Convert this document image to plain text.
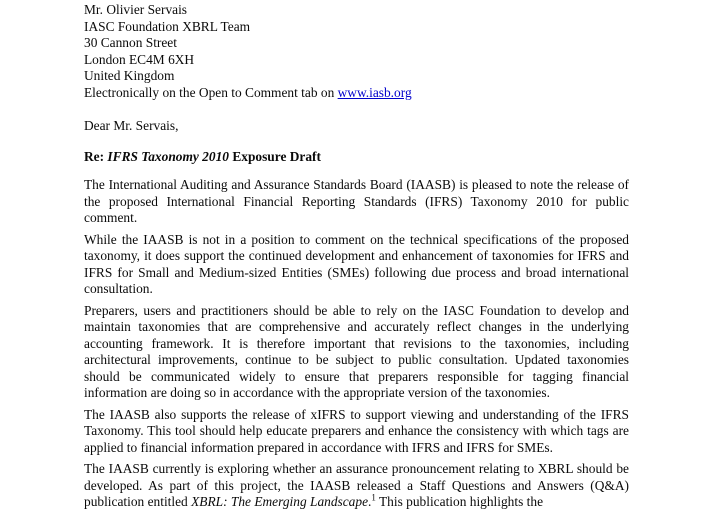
Mr. Olivier Servais
IASC Foundation XBRL Team
30 Cannon Street
London EC4M 6XH
United Kingdom
Electronically on the Open to Comment tab on www.iasb.org
Dear Mr. Servais,
Re: IFRS Taxonomy 2010 Exposure Draft

The International Auditing and Assurance Standards Board (IAASB) is pleased to note the release of the proposed International Financial Reporting Standards (IFRS) Taxonomy 2010 for public comment.

While the IAASB is not in a position to comment on the technical specifications of the proposed taxonomy, it does support the continued development and enhancement of taxonomies for IFRS and IFRS for Small and Medium-sized Entities (SMEs) following due process and broad international consultation.

Preparers, users and practitioners should be able to rely on the IASC Foundation to develop and maintain taxonomies that are comprehensive and accurately reflect changes in the underlying accounting framework. It is therefore important that revisions to the taxonomies, including architectural improvements, continue to be subject to public consultation. Updated taxonomies should be communicated widely to ensure that preparers responsible for tagging financial information are doing so in accordance with the appropriate version of the taxonomies.

The IAASB also supports the release of xIFRS to support viewing and understanding of the IFRS Taxonomy. This tool should help educate preparers and enhance the consistency with which tags are applied to financial information prepared in accordance with IFRS and IFRS for SMEs.

The IAASB currently is exploring whether an assurance pronouncement relating to XBRL should be developed. As part of this project, the IAASB released a Staff Questions and Answers (Q&A) publication entitled XBRL: The Emerging Landscape.$^1$ This publication highlights the
